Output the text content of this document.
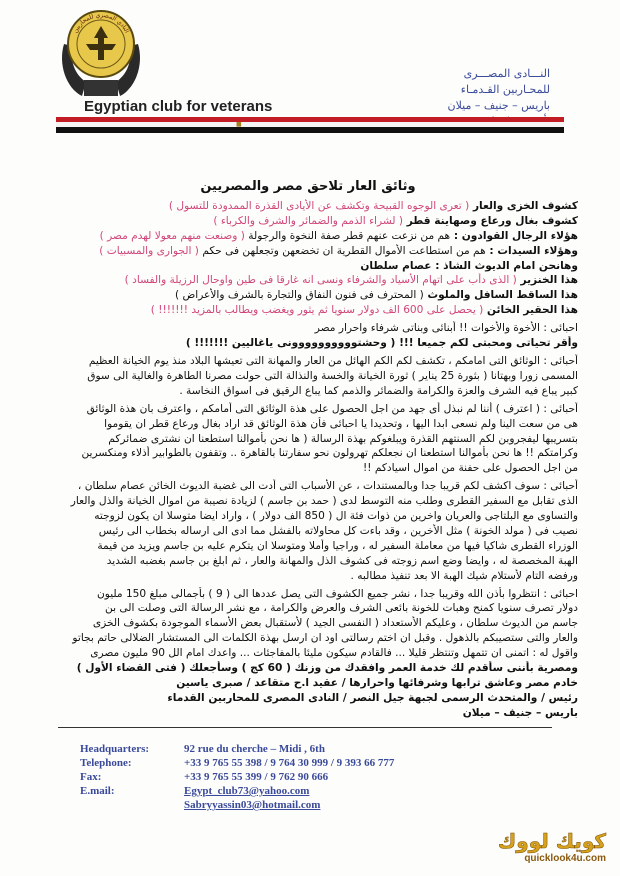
النادي المصري للمحاربين
Egyptian club for veterans
النـــادى المصـــرى
للمحـاربين القـدمـاء
باريس – جنيف – ميلان
■
وثائق العار تلاحق مصر والمصريين
كشوف الخزى والعار ( تعرى الوجوه القبيحة وتكشف عن الأيادى القذرة الممدودة للتسول )
كشوف بغال ورعاع وصهاينة قطر ( لشراء الذمم والضمائر والشرف والكرباء )
هؤلاء الرجال القوادون : هم من نزعت عنهم قطر صفة النخوة والرجولة ( وصنعت منهم معولا لهدم مصر )
وهؤلاء السيدات : هم من استطاعت الأموال القطرية ان تخضعهن وتجعلهن فى حكم ( الجوارى والمسبيات )
وهانحن امام الديوث الشاذ : عصام سلطان
هذا الخنزير ( الذى دأب على اتهام الأسياد والشرفاء ونسى انه غارقا فى طين واوحال الرزيلة والفساد )
هذا الساقط السافل والملوث ( المحترف فى فنون النفاق والتجارة بالشرف والأعراض )
هذا الحقير الخائن ( يحصل على 600 الف دولار سنويا ثم يثور ويغضب ويطالب بالمزيد !!!!!!! )
احبائى : الأخوة والأخوات !! أبنائى وبناتى شرفاء واحرار مصر
وأقر تحياتى ومحبتى لكم جميعا !!! ( وحشتوووووووووونى ياغاليين !!!!!!! )
أحبائى : الوثائق التى امامكم ، تكشف لكم الكم الهائل من العار والمهانة التى تعيشها البلاد منذ يوم الخيانة العظيم
المسمى زورا وبهتانا ( بثورة 25 يناير ) ثورة الخيانة والخسة والنذالة التى حولت مصرنا الطاهرة والغالية الى سوق
كبير يباع فيه الشرف والعزة والكرامة والضمائر والذمم كما يباع الرقيق فى اسواق النخاسة .
أحبائى : ( اعترف ) أننا لم نبذل أى جهد من اجل الحصول على هذة الوثائق التى أمامكم ، واعترف بان هذة الوثائق
هى من سعت الينا ولم نسعى ابدا اليها ، وتحديدا يا احبائى فأن هذة الوثائق قد اراد بغال ورعاع قطر ان يقوموا
بتسريبها ليفجروبن لكم السنتهم القذرة ويبلغوكم بهذة الرسالة ( ها نحن بأموالنا استطعنا ان نشترى ضمائركم
وكرامتكم !! ها نحن بأموالنا استطعنا ان نجعلكم تهرولون نحو سفارتنا بالقاهرة .. وتقفون بالطوابير أذلاء ومنكسرين
من اجل الحصول على حفنة من اموال اسيادكم !!
أحبائى : سوف اكشف لكم قريبا جدا وبالمستندات ، عن الأسباب التى أدت الى غضبة الديوث الخائن عصام سلطان ،
الذى تقابل مع السفير القطرى وطلب منه التوسط لدى ( حمد بن جاسم ) لزيادة نصيبة من اموال الخيانة والذل والعار
والتساوى مع البلتاجى والعريان واخرين من ذوات فئة ال ( 850 الف دولار ) ، واراد ايضا متوسلا ان يكون لزوجته
نصيب فى ( مولد الخونة ) مثل الأخرين ، وقد باءت كل محاولاته بالفشل مما ادى الى ارساله بخطاب الى رئيس
الوزراء القطرى شاكيا فيها من معاملة السفير له ، وراجيا وأملا ومتوسلا ان يتكرم عليه بن جاسم ويزيد من قيمة
الهبة المخصصة له ، وايضا وضع اسم زوجته فى كشوف الذل والمهانة والعار ، ثم ابلغ بن جاسم بغضبه الشديد
ورفضه التام لأستلام شيك الهبة الا بعد تنفيذ مطالبه .
احبائى : انتظروا بأذن الله وقريبا جدا ، نشر جميع الكشوف التى يصل عددها الى ( 9 ) بأجمالى مبلغ 150 مليون
دولار تصرف سنويا كمنح وهبات للخونة بائعى الشرف والعرض والكرامة ، مع نشر الرسالة التى وصلت الى بن
جاسم من الديوث سلطان ، وعليكم الأستعداد ( النفسى الجيد ) لأستقبال بعض الأسماء الموجودة بكشوف الخزى
والعار والتى ستصيبكم بالذهول . وقبل ان اختم رسالتى اود ان ارسل بهذة الكلمات الى المستشار الضلالى حاتم بجاتو
واقول له : اتمنى ان تتمهل وتنتظر قليلا ... فالقادم سيكون مليئا بالمفاجئات ... واعدك امام الل 90 مليون مصرى
ومصرية بأننى سأقدم لك خدمة العمر وافقدك من وزنك ( 60 كج ) وسأجعلك ( فتى القضاء الأول )
خادم مصر وعاشق ترابها وشرفائها واحرارها / عقيد ا.ح متقاعد / صبرى ياسين
رئيس / والمتحدث الرسمى لجبهة جيل النصر / النادى المصرى للمحاربين القدماء
باريس – جنيف – ميلان
Headquarters:	92 rue du cherche – Midi , 6th
Telephone:	+33 9 765 55 398 / 9 764 30 999 / 9 393 66 777
Fax:	+33 9 765 55 399 / 9 762 90 666
E.mail:	Egypt_club73@yahoo.com
Sabryyassin03@hotmail.com
كويك لووك
quicklook4u.com
